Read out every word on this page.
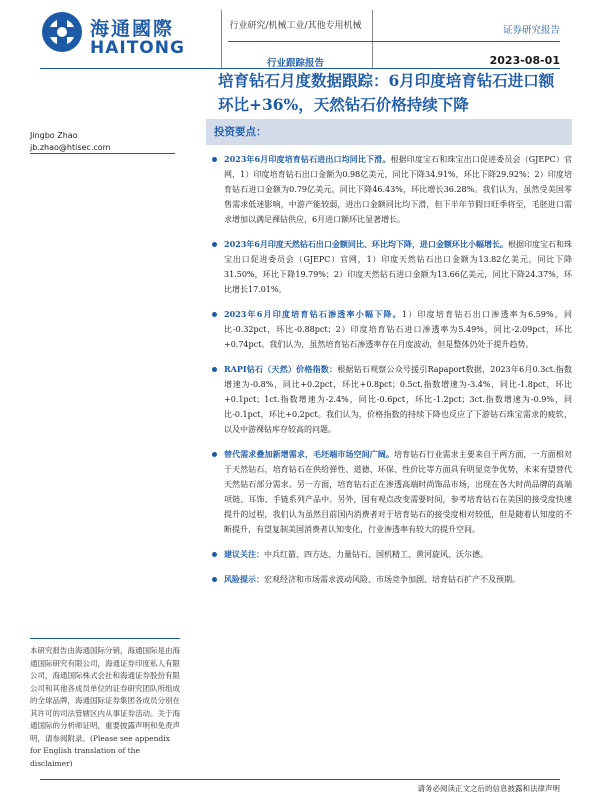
海通國際
HAITONG
行业研究/机械工业/其他专用机械
行业跟踪报告
证券研究报告
2023-08-01
培育钻石月度数据跟踪：6月印度培育钻石进口额环比+36%，天然钻石价格持续下降
Jingbo Zhao
jb.zhao@htisec.com
投资要点：
2023年6月印度培育钻石进出口均同比下滑。根据印度宝石和珠宝出口促进委员会（GJEPC）官网，1）印度培育钻石出口金额为0.98亿美元，同比下降34.91%，环比下降29.92%；2）印度培育钻石进口金额为0.79亿美元，同比下降46.43%，环比增长36.28%。我们认为，虽然受美国零售需求低迷影响，中游产能较弱，进出口金额同比均下滑，但下半年节假日旺季将至，毛胚进口需求增加以满足裸钻供应，6月进口额环比显著增长。
2023年6月印度天然钻石出口金额同比、环比均下降，进口金额环比小幅增长。根据印度宝石和珠宝出口促进委员会（GJEPC）官网，1）印度天然钻石出口金额为13.82亿美元，同比下降31.50%，环比下降19.79%；2）印度天然钻石进口金额为13.66亿美元，同比下降24.37%，环比增长17.01%。
2023年6月印度培育钻石渗透率小幅下降。1）印度培育钻石出口渗透率为6.59%，同比-0.32pct，环比-0.88pct；2）印度培育钻石进口渗透率为5.49%，同比-2.09pct，环比+0.74pct。我们认为，虽然培育钻石渗透率存在月度波动，但是整体仍处于提升趋势。
RAPI钻石（天然）价格指数：根据钻石观察公众号援引Rapaport数据，2023年6月0.3ct.指数增速为-0.8%，同比+0.2pct，环比+0.8pct；0.5ct.指数增速为-3.4%，同比-1.8pct，环比+0.1pct；1ct.指数增速为-2.4%，同比-0.6pct，环比-1.2pct；3ct.指数增速为-0.9%，同比-0.1pct，环比+0.2pct。我们认为，价格指数的持续下降也反应了下游钻石珠宝需求的疲软，以及中游裸钻库存较高的问题。
替代需求叠加新增需求，毛坯端市场空间广阔。培育钻石行业需求主要来自于两方面，一方面相对于天然钻石，培育钻石在供给弹性、道德、环保、性价比等方面具有明显竞争优势，未来有望替代天然钻石部分需求。另一方面，培育钻石正在渗透高端时尚饰品市场，出现在各大时尚品牌的高端项链、耳饰、手链系列产品中。另外，国有观点改变需要时间，参考培育钻石在美国的接受度快速提升的过程，我们认为虽然目前国内消费者对于培育钻石的接受度相对较低，但是随着认知度的不断提升，有望复制美国消费者认知变化，行业渗透率有较大的提升空间。
建议关注：中兵红箭、四方达、力量钻石、国机精工、黄河旋风、沃尔德。
风险提示：宏观经济和市场需求波动风险、市场竞争加剧、培育钻石扩产不及预期。
本研究报告由海通国际分销，海通国际是由海通国际研究有限公司，海通证券印度私人有限公司，海通国际株式会社和海通证券股份有限公司和其他各成员单位的证券研究团队所组成的全球品牌，海通国际证券集团各成员分别在其许可的司法管辖区内从事证券活动。关于海通国际的分析师证明，重要披露声明和免责声明，请参阅附录。(Please see appendix for English translation of the disclaimer)
请务必阅读正文之后的信息披露和法律声明
